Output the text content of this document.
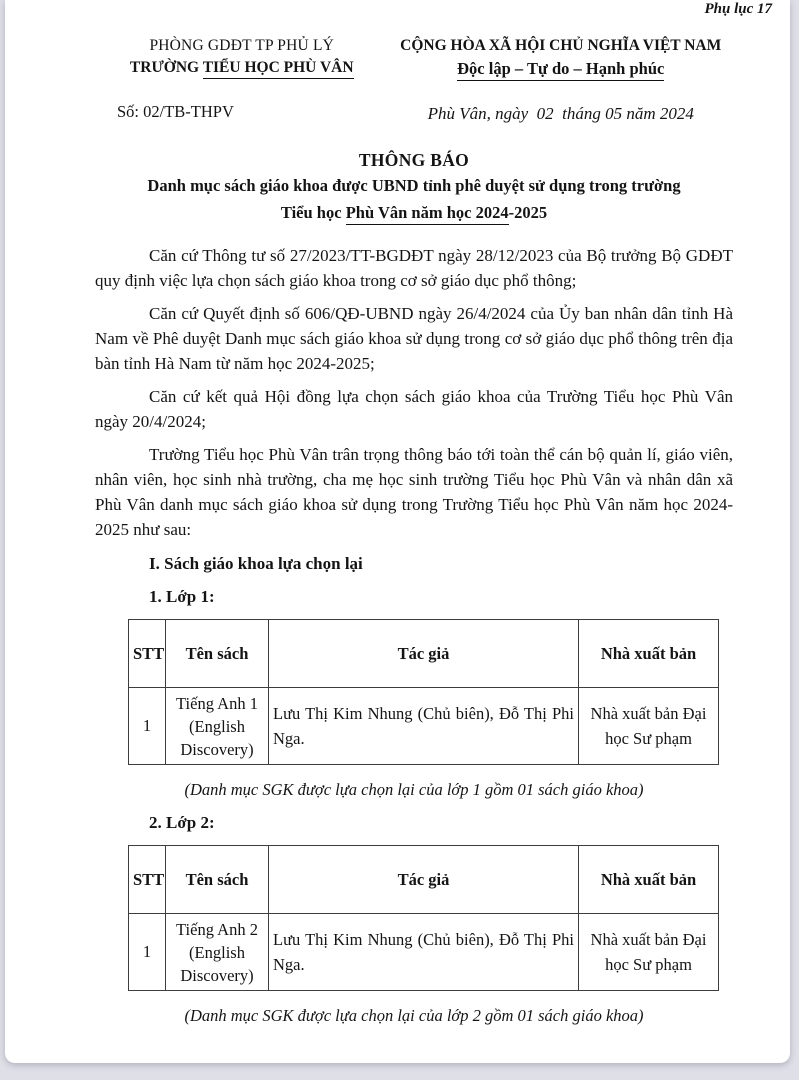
Phụ lục 17
PHÒNG GDĐT TP PHỦ LÝ
TRƯỜNG TIỂU HỌC PHÙ VÂN
Số: 02/TB-THPV
CỘNG HÒA XÃ HỘI CHỦ NGHĨA VIỆT NAM
Độc lập – Tự do – Hạnh phúc
Phù Vân, ngày  02  tháng 05 năm 2024
THÔNG BÁO
Danh mục sách giáo khoa được UBND tỉnh phê duyệt sử dụng trong trường
Tiểu học Phù Vân năm học 2024-2025

Căn cứ Thông tư số 27/2023/TT-BGDĐT ngày 28/12/2023 của Bộ trưởng Bộ GDĐT quy định việc lựa chọn sách giáo khoa trong cơ sở giáo dục phổ thông;

Căn cứ Quyết định số 606/QĐ-UBND ngày 26/4/2024 của Ủy ban nhân dân tỉnh Hà Nam về Phê duyệt Danh mục sách giáo khoa sử dụng trong cơ sở giáo dục phổ thông trên địa bàn tỉnh Hà Nam từ năm học 2024-2025;

Căn cứ kết quả Hội đồng lựa chọn sách giáo khoa của Trường Tiểu học Phù Vân ngày 20/4/2024;

Trường Tiểu học Phù Vân trân trọng thông báo tới toàn thể cán bộ quản lí, giáo viên, nhân viên, học sinh nhà trường, cha mẹ học sinh trường Tiểu học Phù Vân và nhân dân xã Phù Vân danh mục sách giáo khoa sử dụng trong Trường Tiểu học Phù Vân năm học 2024-2025 như sau:

I. Sách giáo khoa lựa chọn lại
1. Lớp 1:
STT	Tên sách	Tác giả	Nhà xuất bản
1	Tiếng Anh 1 (English Discovery)	Lưu Thị Kim Nhung (Chủ biên), Đỗ Thị Phi Nga.	Nhà xuất bản Đại học Sư phạm
(Danh mục SGK được lựa chọn lại của lớp 1 gồm 01 sách giáo khoa)
2. Lớp 2:
STT	Tên sách	Tác giả	Nhà xuất bản
1	Tiếng Anh 2 (English Discovery)	Lưu Thị Kim Nhung (Chủ biên), Đỗ Thị Phi Nga.	Nhà xuất bản Đại học Sư phạm
(Danh mục SGK được lựa chọn lại của lớp 2 gồm 01 sách giáo khoa)
